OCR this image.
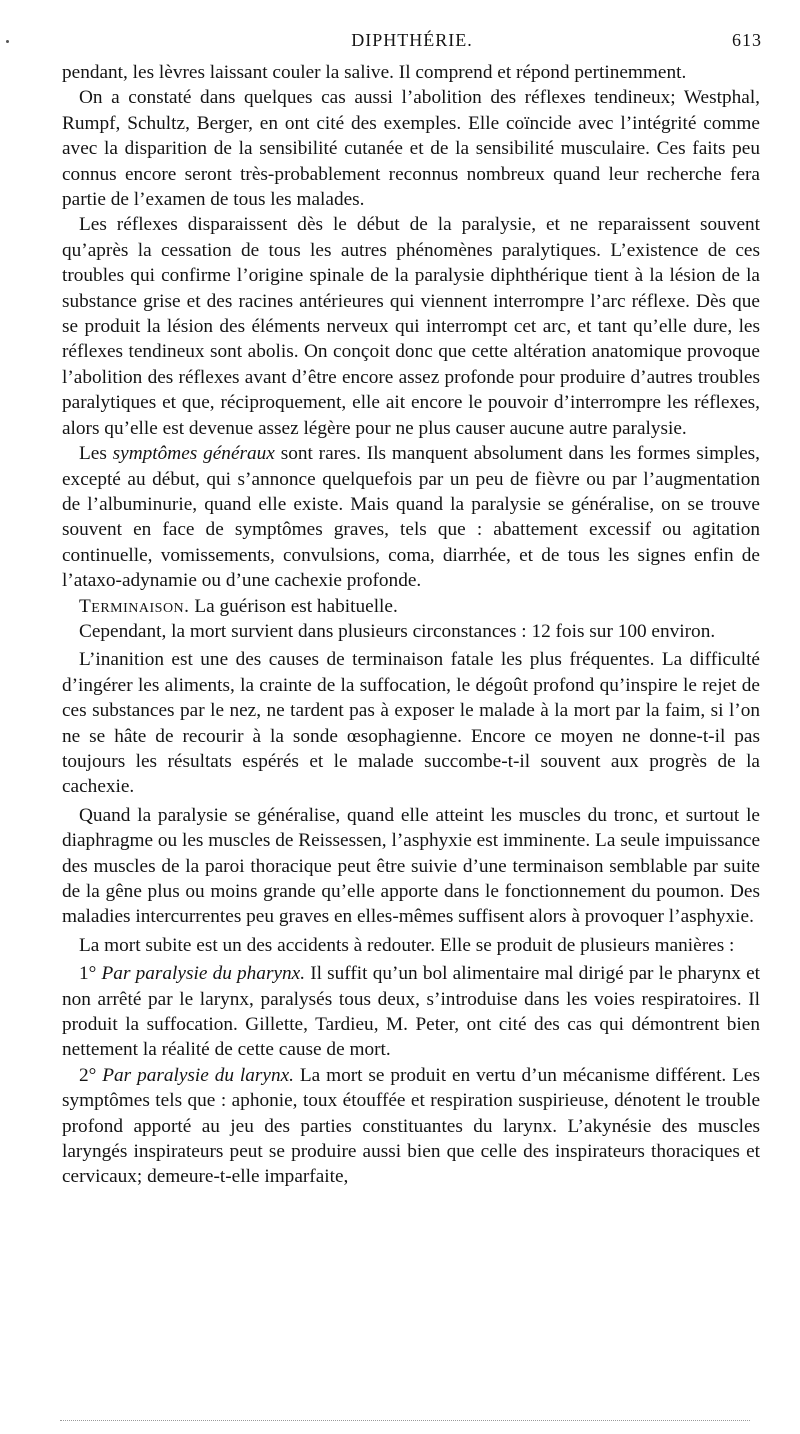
DIPHTHÉRIE.	613

pendant, les lèvres laissant couler la salive. Il comprend et répond pertinemment.

On a constaté dans quelques cas aussi l’abolition des réflexes tendineux; Westphal, Rumpf, Schultz, Berger, en ont cité des exemples. Elle coïncide avec l’intégrité comme avec la disparition de la sensibilité cutanée et de la sensibilité musculaire. Ces faits peu connus encore seront très-probablement reconnus nombreux quand leur recherche fera partie de l’examen de tous les malades.

Les réflexes disparaissent dès le début de la paralysie, et ne reparaissent souvent qu’après la cessation de tous les autres phénomènes paralytiques. L’existence de ces troubles qui confirme l’origine spinale de la paralysie diphthérique tient à la lésion de la substance grise et des racines antérieures qui viennent interrompre l’arc réflexe. Dès que se produit la lésion des éléments nerveux qui interrompt cet arc, et tant qu’elle dure, les réflexes tendineux sont abolis. On conçoit donc que cette altération anatomique provoque l’abolition des réflexes avant d’être encore assez profonde pour produire d’autres troubles paralytiques et que, réciproquement, elle ait encore le pouvoir d’interrompre les réflexes, alors qu’elle est devenue assez légère pour ne plus causer aucune autre paralysie.

Les symptômes généraux sont rares. Ils manquent absolument dans les formes simples, excepté au début, qui s’annonce quelquefois par un peu de fièvre ou par l’augmentation de l’albuminurie, quand elle existe. Mais quand la paralysie se généralise, on se trouve souvent en face de symptômes graves, tels que : abattement excessif ou agitation continuelle, vomissements, convulsions, coma, diarrhée, et de tous les signes enfin de l’ataxo-adynamie ou d’une cachexie profonde.

Terminaison. La guérison est habituelle.

Cependant, la mort survient dans plusieurs circonstances : 12 fois sur 100 environ.

L’inanition est une des causes de terminaison fatale les plus fréquentes. La difficulté d’ingérer les aliments, la crainte de la suffocation, le dégoût profond qu’inspire le rejet de ces substances par le nez, ne tardent pas à exposer le malade à la mort par la faim, si l’on ne se hâte de recourir à la sonde œsophagienne. Encore ce moyen ne donne-t-il pas toujours les résultats espérés et le malade succombe-t-il souvent aux progrès de la cachexie.

Quand la paralysie se généralise, quand elle atteint les muscles du tronc, et surtout le diaphragme ou les muscles de Reissessen, l’asphyxie est imminente. La seule impuissance des muscles de la paroi thoracique peut être suivie d’une terminaison semblable par suite de la gêne plus ou moins grande qu’elle apporte dans le fonctionnement du poumon. Des maladies intercurrentes peu graves en elles-mêmes suffisent alors à provoquer l’asphyxie.

La mort subite est un des accidents à redouter. Elle se produit de plusieurs manières :

1° Par paralysie du pharynx. Il suffit qu’un bol alimentaire mal dirigé par le pharynx et non arrêté par le larynx, paralysés tous deux, s’introduise dans les voies respiratoires. Il produit la suffocation. Gillette, Tardieu, M. Peter, ont cité des cas qui démontrent bien nettement la réalité de cette cause de mort.

2° Par paralysie du larynx. La mort se produit en vertu d’un mécanisme différent. Les symptômes tels que : aphonie, toux étouffée et respiration suspirieuse, dénotent le trouble profond apporté au jeu des parties constituantes du larynx. L’akynésie des muscles laryngés inspirateurs peut se produire aussi bien que celle des inspirateurs thoraciques et cervicaux; demeure-t-elle imparfaite,
